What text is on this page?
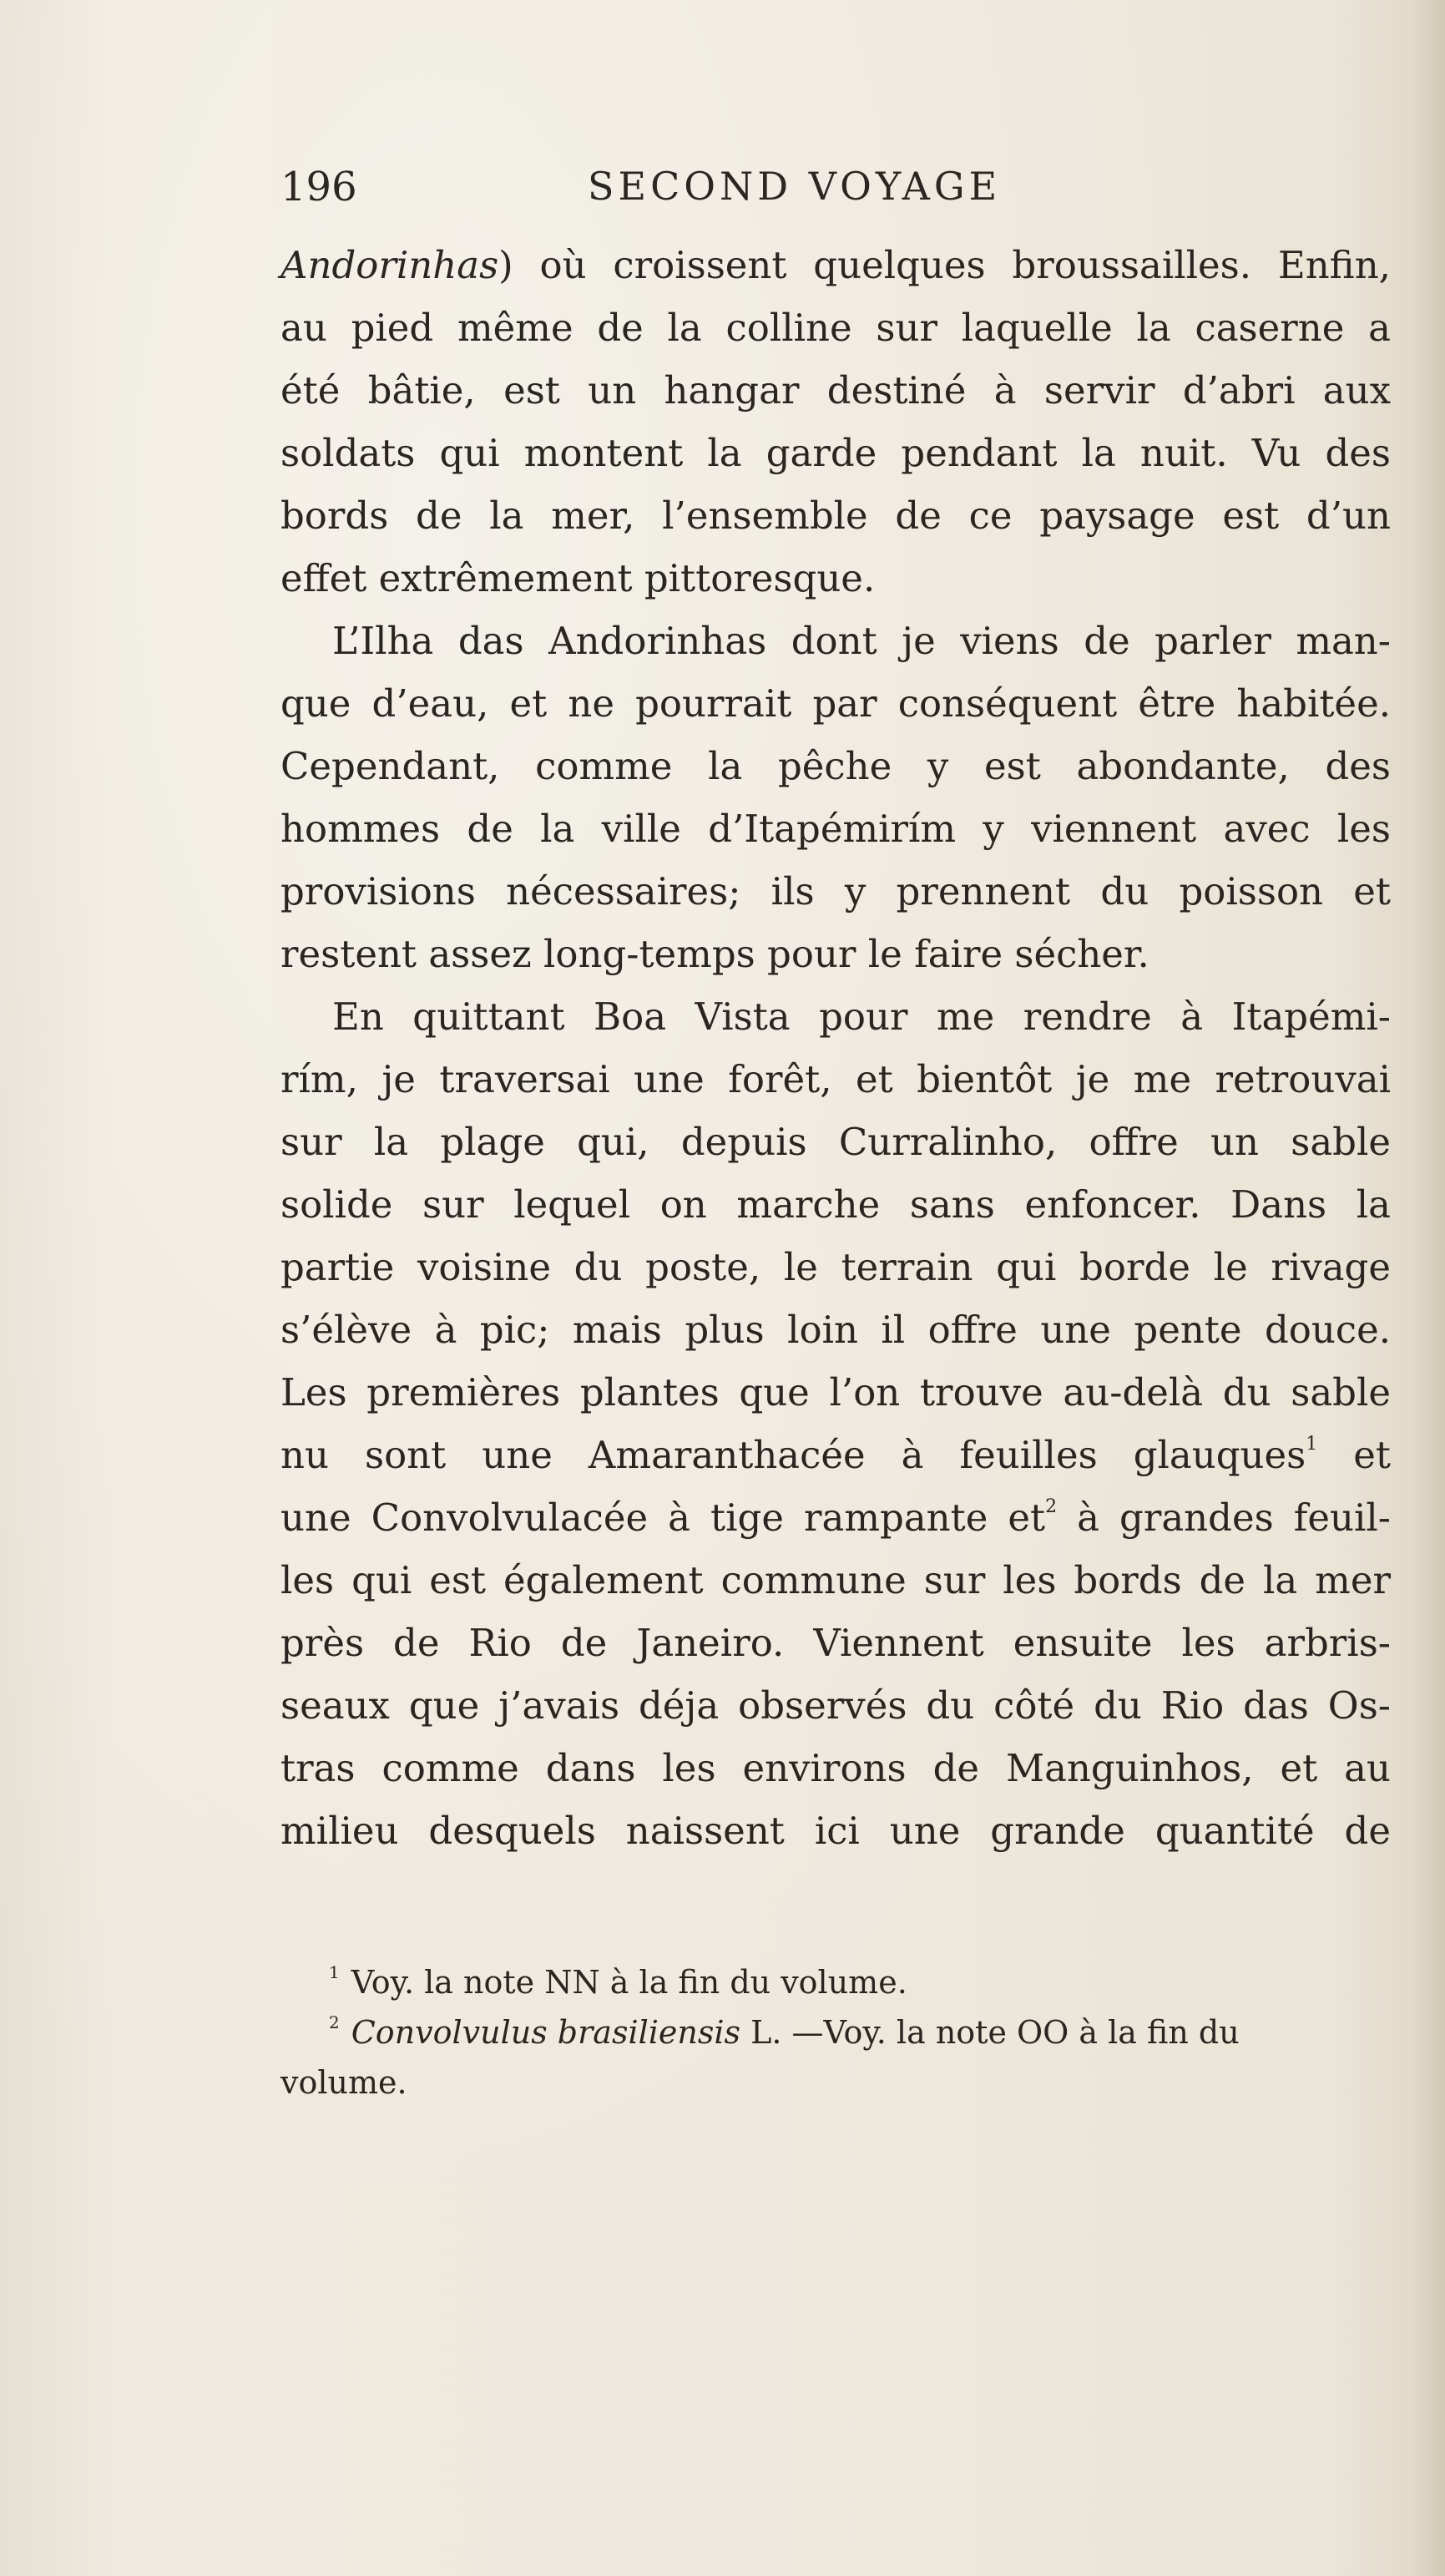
196	SECOND VOYAGE
Andorinhas) où croissent quelques broussailles. Enfin,
au pied même de la colline sur laquelle la caserne a
été bâtie, est un hangar destiné à servir d’abri aux
soldats qui montent la garde pendant la nuit. Vu des
bords de la mer, l’ensemble de ce paysage est d’un
effet extrêmement pittoresque.
L’Ilha das Andorinhas dont je viens de parler man-
que d’eau, et ne pourrait par conséquent être habitée.
Cependant, comme la pêche y est abondante, des
hommes de la ville d’Itapémirím y viennent avec les
provisions nécessaires; ils y prennent du poisson et
restent assez long-temps pour le faire sécher.
En quittant Boa Vista pour me rendre à Itapémi-
rím, je traversai une forêt, et bientôt je me retrouvai
sur la plage qui, depuis Curralinho, offre un sable
solide sur lequel on marche sans enfoncer. Dans la
partie voisine du poste, le terrain qui borde le rivage
s’élève à pic; mais plus loin il offre une pente douce.
Les premières plantes que l’on trouve au-delà du sable
nu sont une Amaranthacée à feuilles glauques$^1$ et
une Convolvulacée à tige rampante $et^2$ à grandes feuil-
les qui est également commune sur les bords de la mer
près de Rio de Janeiro. Viennent ensuite les arbris-
seaux que j’avais déja observés du côté du Rio das Os-
tras comme dans les environs de Manguinhos, et au
milieu desquels naissent ici une grande quantité de
$^1$ Voy. la note NN à la fin du volume.
$^2$ Convolvulus brasiliensis L. —Voy. la note OO à la fin du
volume.
